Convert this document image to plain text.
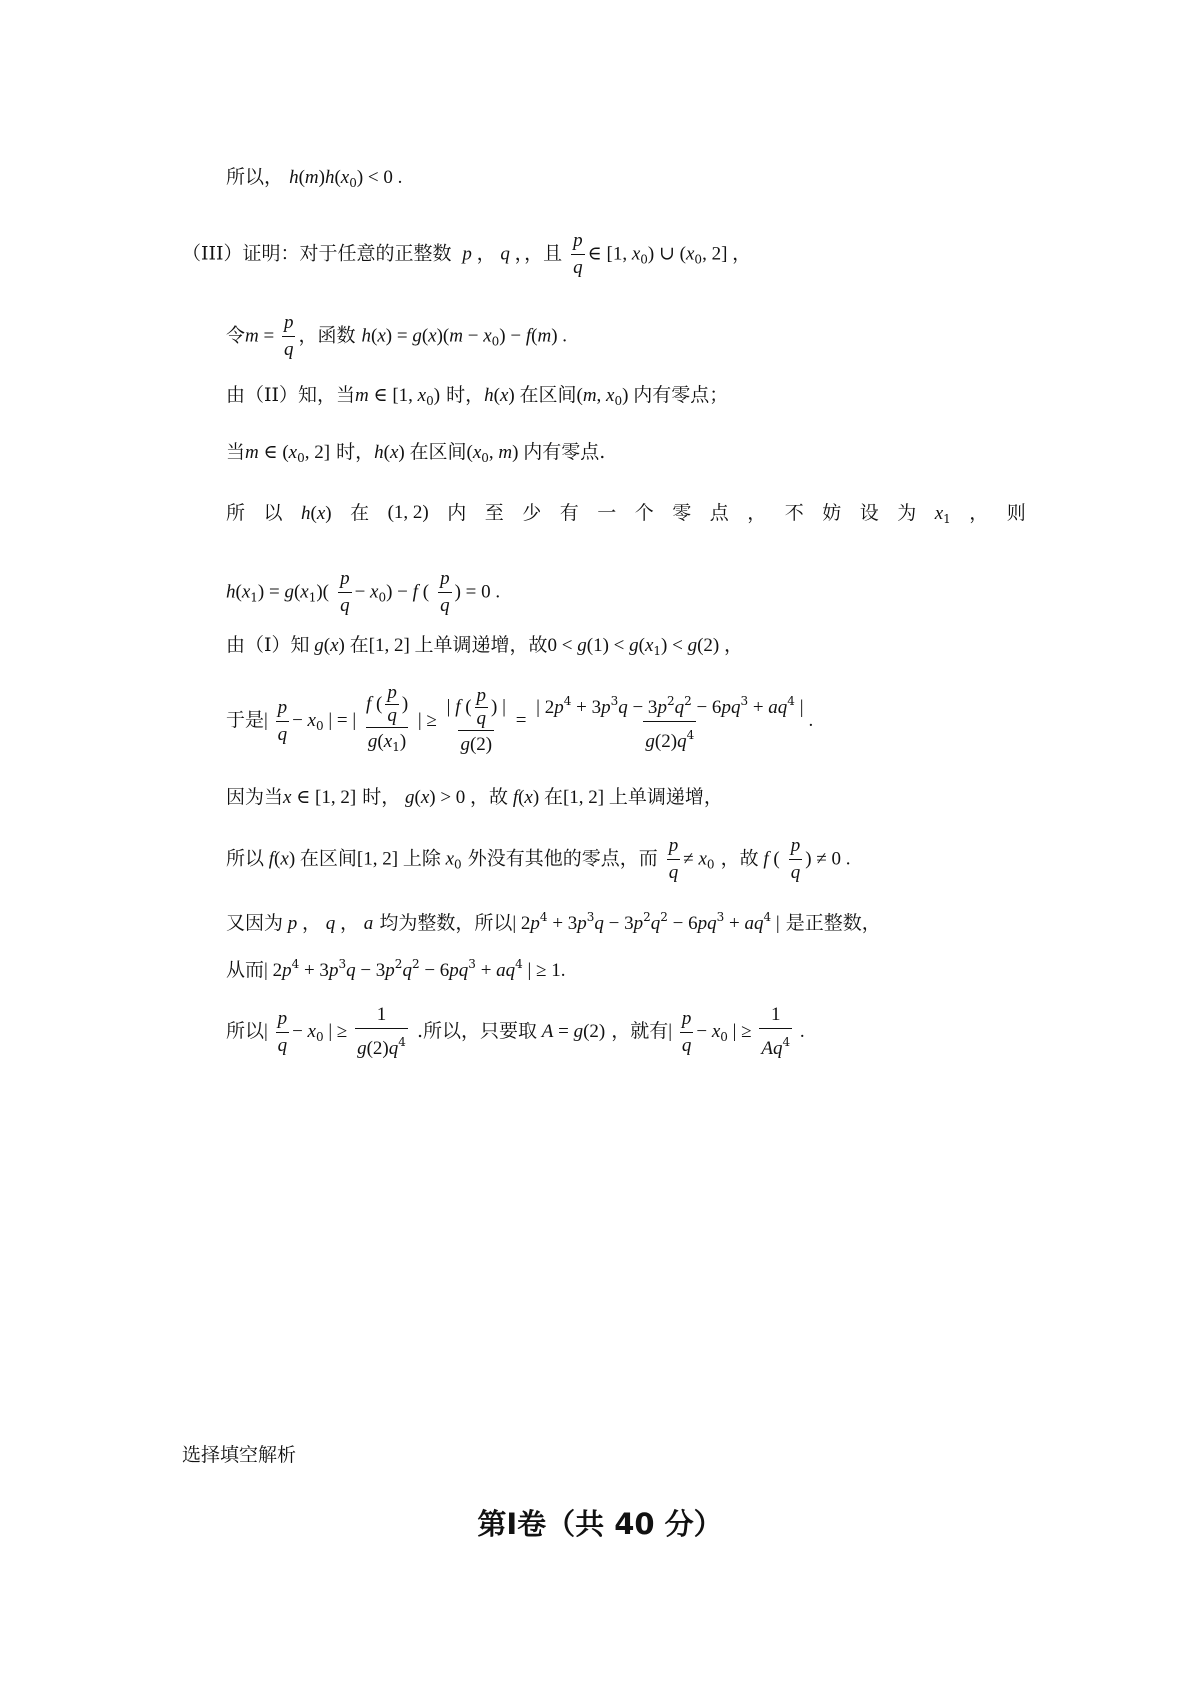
所以， $h(m)h(x_0) < 0$ .
（III）证明：对于任意的正整数  p ， q ，，且 $\frac{p}{q}$ ∈ [1, $x_0$) ∪ ($x_0$, 2] ，
令$m = \frac{p}{q}$ ，函数 $h(x) = g(x)(m - x_0) - f(m)$ .
由（II）知，当m ∈ [1, $x_0$) 时，h(x) 在区间(m, $x_0$) 内有零点；
当m ∈ ($x_0$, 2] 时，h(x) 在区间($x_0$, m) 内有零点.
所 以 h(x) 在 (1, 2) 内 至 少 有 一 个 零 点 ， 不 妨 设 为 $x_1$ ， 则
$h(x_1) = g(x_1)( \frac{p}{q} - x_0) - f$ ( $\frac{p}{q}$ ) = 0 .
由（I）知 g(x) 在[1, 2] 上单调递增，故$0 < g(1) < g(x_1) < g(2)$ ，
于是| $\frac{p}{q} - x_0$ | = | $\frac{f ( \frac{p}{q} )}{g(x_1)}$ | ≥ $\frac{| f ( \frac{p}{q} ) |}{g(2)} = \frac{| 2p^4 + 3p^3q - 3p^2q^2 - 6pq^3 + aq^4 |}{g(2)q^4}$ .
因为当x ∈ [1, 2] 时， g(x) > 0 ，故 f(x) 在[1, 2] 上单调递增，
所以 f(x) 在区间[1, 2] 上除 $x_0$ 外没有其他的零点，而 $\frac{p}{q} \ne x_0$ ，故 f ( $\frac{p}{q}$ ) ≠ 0 .
又因为 p ， q ， a 均为整数，所以| $2p^4 + 3p^3q - 3p^2q^2 - 6pq^3 + aq^4$ | 是正整数，
从而| $2p^4 + 3p^3q - 3p^2q^2 - 6pq^3 + aq^4$ | ≥ 1.
所以| $\frac{p}{q} - x_0$ | ≥ $\frac{1}{g(2)q^4}$ .所以，只要取 A = g(2) ，就有| $\frac{p}{q} - x_0$ | ≥ $\frac{1}{Aq^4}$ .
选择填空解析
第Ⅰ卷（共 40 分）
